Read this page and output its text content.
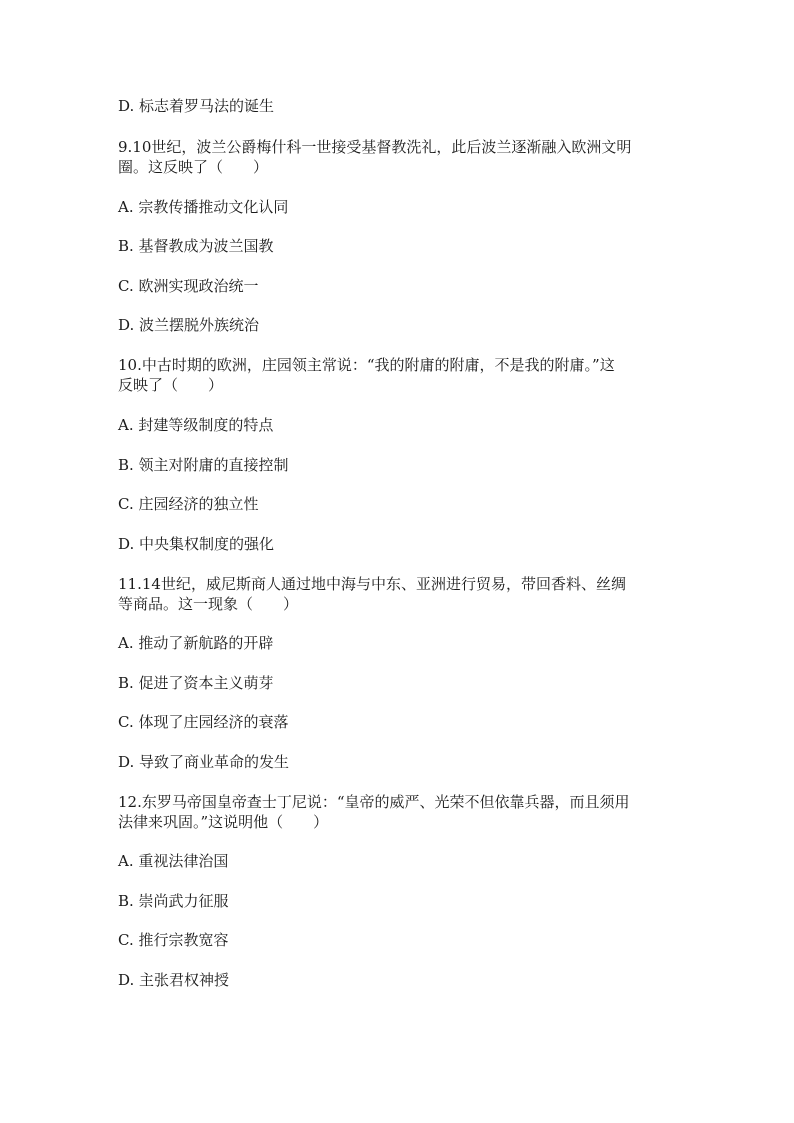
D. 标志着罗马法的诞生
9.10世纪，波兰公爵梅什科一世接受基督教洗礼，此后波兰逐渐融入欧洲文明
圈。这反映了（　　）
A. 宗教传播推动文化认同
B. 基督教成为波兰国教
C. 欧洲实现政治统一
D. 波兰摆脱外族统治
10.中古时期的欧洲，庄园领主常说：“我的附庸的附庸，不是我的附庸。”这
反映了（　　）
A. 封建等级制度的特点
B. 领主对附庸的直接控制
C. 庄园经济的独立性
D. 中央集权制度的强化
11.14世纪，威尼斯商人通过地中海与中东、亚洲进行贸易，带回香料、丝绸
等商品。这一现象（　　）
A. 推动了新航路的开辟
B. 促进了资本主义萌芽
C. 体现了庄园经济的衰落
D. 导致了商业革命的发生
12.东罗马帝国皇帝查士丁尼说：“皇帝的威严、光荣不但依靠兵器，而且须用
法律来巩固。”这说明他（　　）
A. 重视法律治国
B. 崇尚武力征服
C. 推行宗教宽容
D. 主张君权神授
